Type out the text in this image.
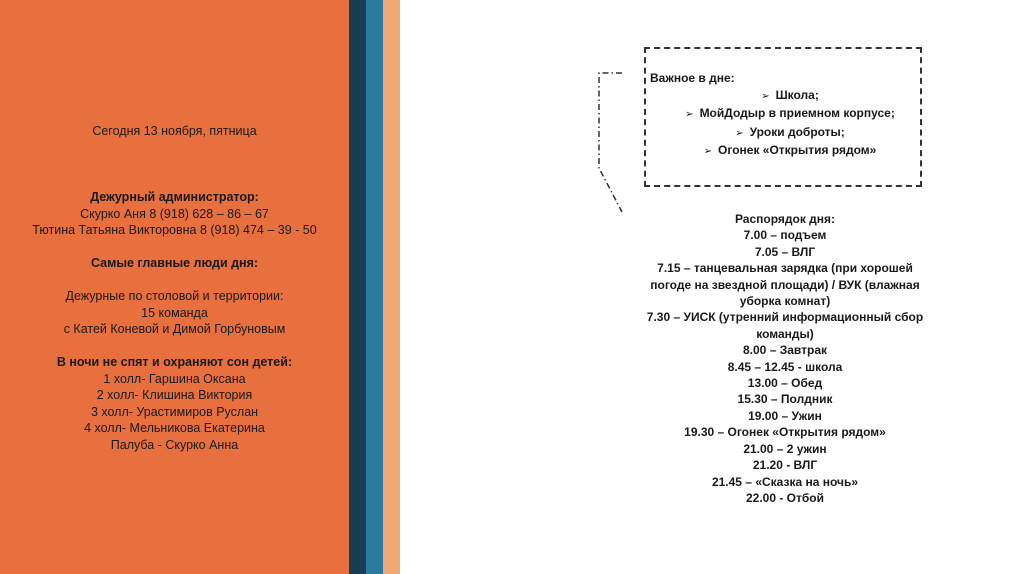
Сегодня 13 ноября, пятница
Дежурный администратор:
Скурко Аня 8 (918) 628 – 86 – 67
Тютина Татьяна Викторовна 8 (918) 474 – 39 - 50
Самые главные люди дня:
Дежурные по столовой и территории:
15 команда
с Катей Коневой и Димой Горбуновым
В ночи не спят и охраняют сон детей:
1 холл- Гаршина Оксана
2 холл- Клишина Виктория
3 холл- Урастимиров Руслан
4 холл- Мельникова Екатерина
Палуба - Скурко Анна
Важное в дне:
➢ Школа;
➢ МойДодыр в приемном корпусе;
➢ Уроки доброты;
➢ Огонек «Открытия рядом»
Распорядок дня:
7.00 – подъем
7.05 – ВЛГ
7.15 – танцевальная зарядка (при хорошей
погоде на звездной площади) / ВУК (влажная
уборка комнат)
7.30 – УИСК (утренний информационный сбор
команды)
8.00 – Завтрак
8.45 – 12.45 - школа
13.00 – Обед
15.30 – Полдник
19.00 – Ужин
19.30 – Огонек «Открытия рядом»
21.00 – 2 ужин
21.20 - ВЛГ
21.45 – «Сказка на ночь»
22.00 - Отбой
